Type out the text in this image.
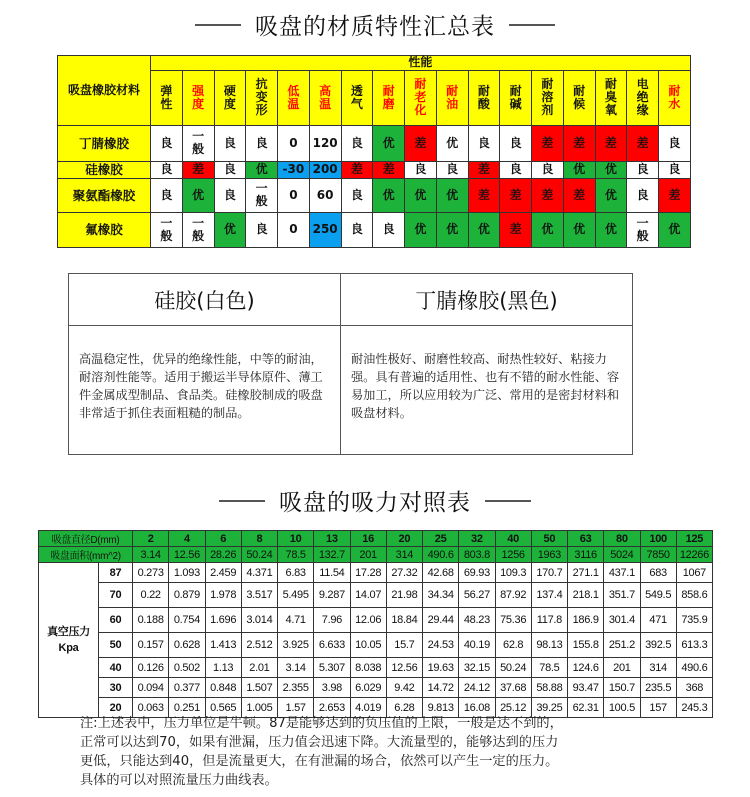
吸盘的材质特性汇总表
吸盘橡胶材料	性能																
	弹性	强度	硬度	抗变形	低温	高温	透气	耐磨	耐老化	耐油	耐酸	耐碱	耐溶剂	耐候	耐臭氧	电绝缘	耐水
丁腈橡胶	良	一般	良	良	0	120	良	优	差	优	良	良	差	差	差	差	良
硅橡胶	良	差	良	优	-30	200	差	差	良	良	差	良	良	优	优	良	良
聚氨酯橡胶	良	优	良	一般	0	60	良	优	优	优	差	差	差	差	优	良	差
氟橡胶	一般	一般	优	良	0	250	良	良	优	优	优	差	优	优	优	一般	优
硅胶(白色)	丁腈橡胶(黑色)
高温稳定性，优异的绝缘性能，中等的耐油，耐溶剂性能等。适用于搬运半导体原件、薄工件金属成型制品、食品类。硅橡胶制成的吸盘非常适于抓住表面粗糙的制品。
耐油性极好、耐磨性较高、耐热性较好、粘接力强。具有普遍的适用性、也有不错的耐水性能、容易加工，所以应用较为广泛、常用的是密封材料和吸盘材料。
吸盘的吸力对照表
吸盘直径D(mm)		2	4	6	8	10	13	16	20	25	32	40	50	63	80	100	125
吸盘面积(mm^2)		3.14	12.56	28.26	50.24	78.5	132.7	201	314	490.6	803.8	1256	1963	3116	5024	7850	12266

真空压力
Kpa	87	0.273	1.093	2.459	4.371	6.83	11.54	17.28	27.32	42.68	69.93	109.3	170.7	271.1	437.1	683	1067
	70	0.22	0.879	1.978	3.517	5.495	9.287	14.07	21.98	34.34	56.27	87.92	137.4	218.1	351.7	549.5	858.6
	60	0.188	0.754	1.696	3.014	4.71	7.96	12.06	18.84	29.44	48.23	75.36	117.8	186.9	301.4	471	735.9
	50	0.157	0.628	1.413	2.512	3.925	6.633	10.05	15.7	24.53	40.19	62.8	98.13	155.8	251.2	392.5	613.3
	40	0.126	0.502	1.13	2.01	3.14	5.307	8.038	12.56	19.63	32.15	50.24	78.5	124.6	201	314	490.6
	30	0.094	0.377	0.848	1.507	2.355	3.98	6.029	9.42	14.72	24.12	37.68	58.88	93.47	150.7	235.5	368
	20	0.063	0.251	0.565	1.005	1.57	2.653	4.019	6.28	9.813	16.08	25.12	39.25	62.31	100.5	157	245.3
注:上述表中，压力单位是牛顿。87是能够达到的负压值的上限，一般是达不到的，
正常可以达到70，如果有泄漏，压力值会迅速下降。大流量型的，能够达到的压力
更低，只能达到40，但是流量更大，在有泄漏的场合，依然可以产生一定的压力。
具体的可以对照流量压力曲线表。
